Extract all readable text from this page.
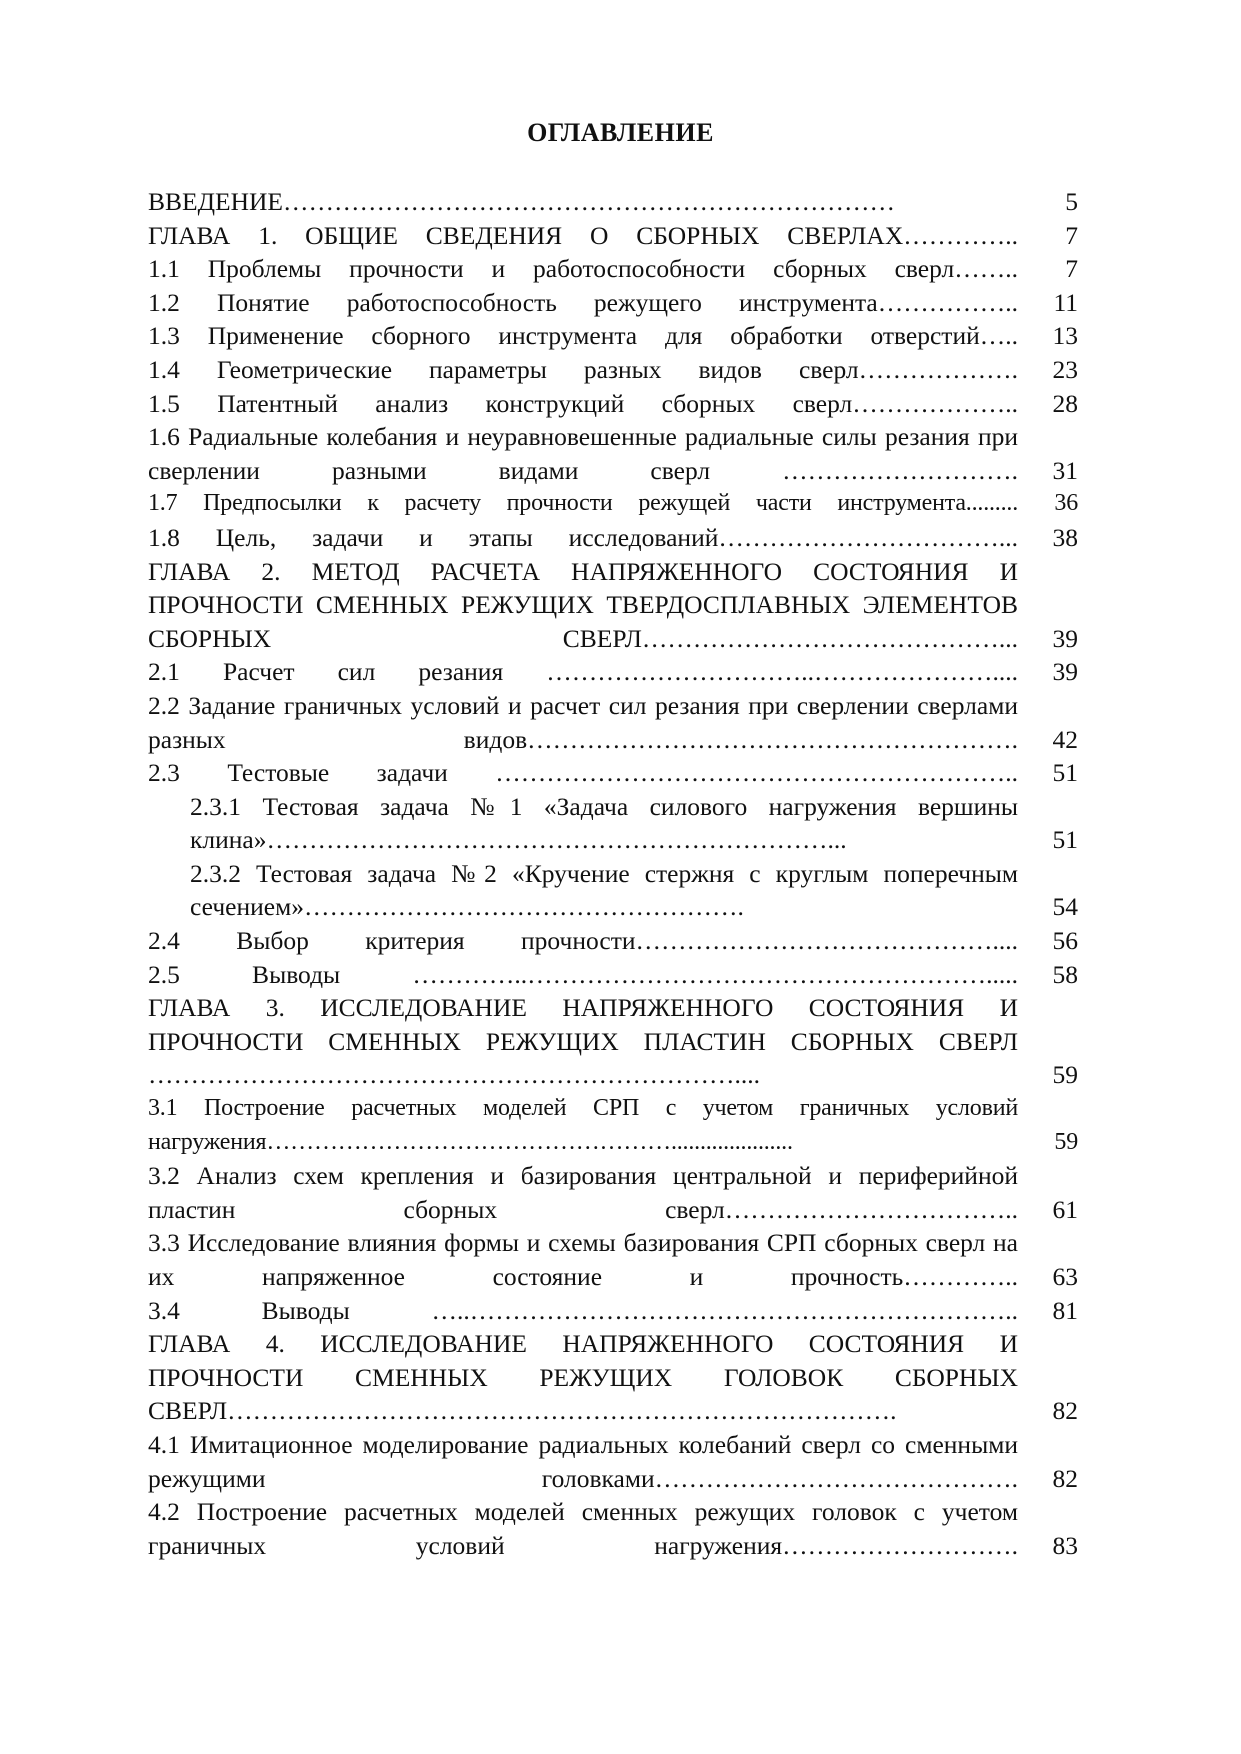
ОГЛАВЛЕНИЕ
ВВЕДЕНИЕ………………………………………………………………	5
ГЛАВА 1. ОБЩИЕ СВЕДЕНИЯ О СБОРНЫХ СВЕРЛАХ…………..	7
1.1 Проблемы прочности и работоспособности сборных сверл……..	7
1.2 Понятие работоспособность режущего инструмента……………..	11
1.3 Применение сборного инструмента для обработки отверстий…..	13
1.4 Геометрические параметры разных видов сверл……………….	23
1.5 Патентный анализ конструкций сборных сверл………………..	28
1.6 Радиальные колебания и неуравновешенные радиальные силы резания при сверлении разными видами сверл ……………………….	31
1.7 Предпосылки к расчету прочности режущей части инструмента.........	36
1.8 Цель, задачи и этапы исследований……………………………...	38
ГЛАВА 2. МЕТОД РАСЧЕТА НАПРЯЖЕННОГО СОСТОЯНИЯ И ПРОЧНОСТИ СМЕННЫХ РЕЖУЩИХ ТВЕРДОСПЛАВНЫХ ЭЛЕМЕНТОВ СБОРНЫХ СВЕРЛ……………………………………...	39
2.1 Расчет сил резания …………………………..…………………....	39
2.2 Задание граничных условий и расчет сил резания при сверлении сверлами разных видов………………………………………………….	42
2.3 Тестовые задачи ……………………………………………………..	51
2.3.1 Тестовая задача №1 «Задача силового нагружения вершины клина»…………………………………………………………...	51
2.3.2 Тестовая задача №2 «Кручение стержня с круглым поперечным сечением»…………………………………………….	54
2.4 Выбор критерия прочности……………………………………....	56
2.5 Выводы …………..……………………………………………….....	58
ГЛАВА 3. ИССЛЕДОВАНИЕ НАПРЯЖЕННОГО СОСТОЯНИЯ И ПРОЧНОСТИ СМЕННЫХ РЕЖУЩИХ ПЛАСТИН СБОРНЫХ СВЕРЛ ……………………………………………………………....	59
3.1 Построение расчетных моделей СРП с учетом граничных условий нагружения…………………………………………….....................	59
3.2 Анализ схем крепления и базирования центральной и периферийной пластин сборных сверл……………………………..	61
3.3 Исследование влияния формы и схемы базирования СРП сборных сверл на их напряженное состояние и прочность…………..	63
3.4 Выводы …..………………………………………………………..	81
ГЛАВА 4. ИССЛЕДОВАНИЕ НАПРЯЖЕННОГО СОСТОЯНИЯ И ПРОЧНОСТИ СМЕННЫХ РЕЖУЩИХ ГОЛОВОК СБОРНЫХ СВЕРЛ…………………………………………………………………….	82
4.1 Имитационное моделирование радиальных колебаний сверл со сменными режущими головками…………………………………….	82
4.2 Построение расчетных моделей сменных режущих головок с учетом граничных условий нагружения……………………….	83
